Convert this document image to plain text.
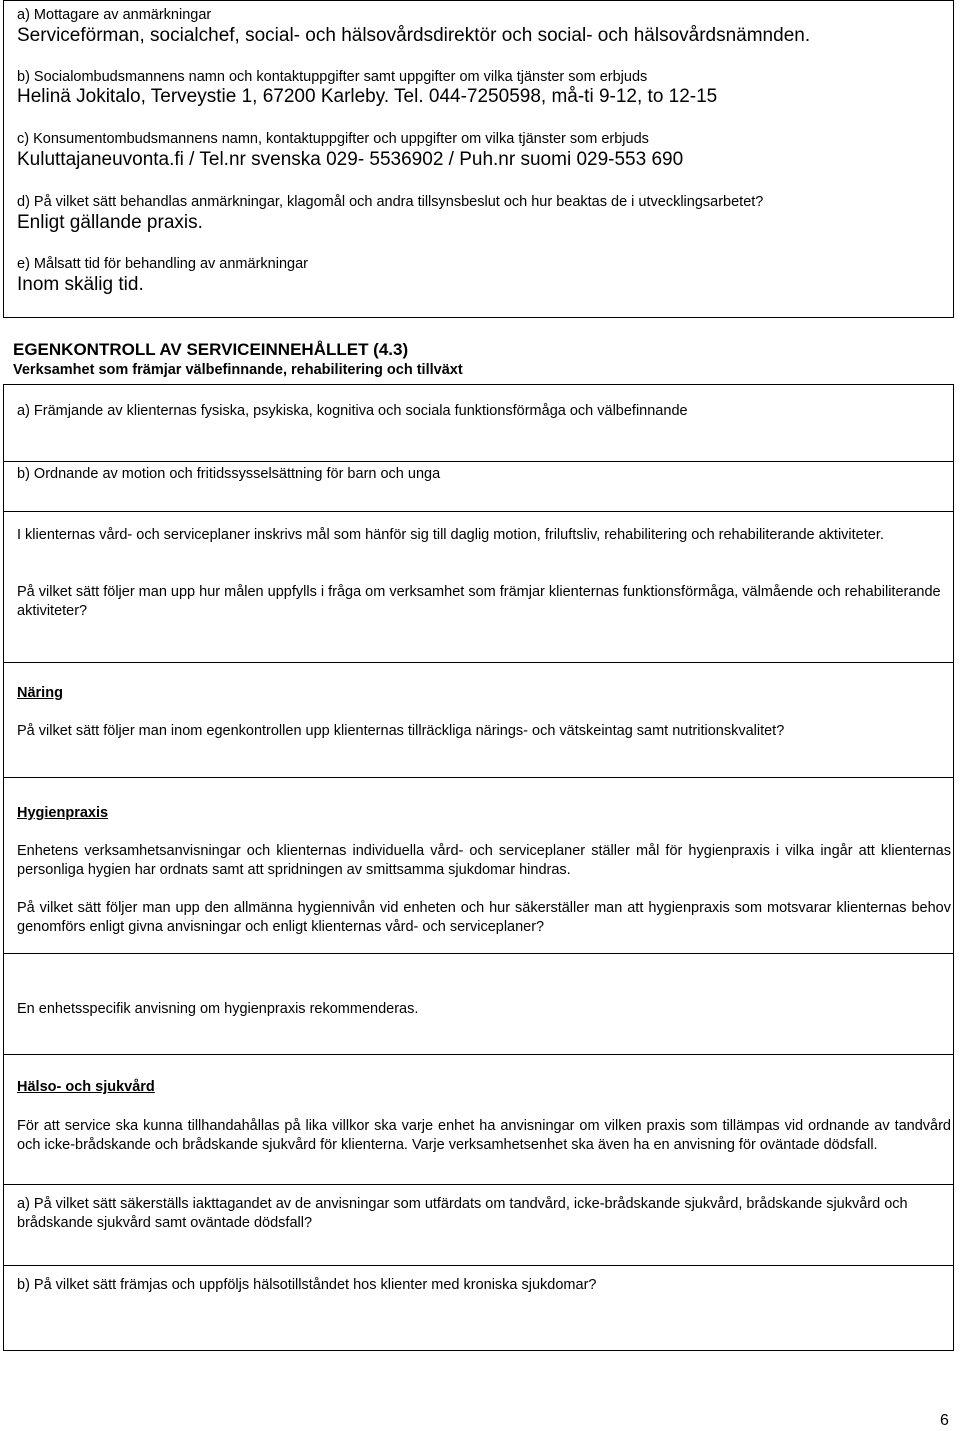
a) Mottagare av anmärkningar

Serviceförman, socialchef, social- och hälsovårdsdirektör och social- och hälsovårdsnämnden.

b) Socialombudsmannens namn och kontaktuppgifter samt uppgifter om vilka tjänster som erbjuds

Helinä Jokitalo, Terveystie 1, 67200 Karleby. Tel. 044-7250598, må-ti 9-12, to 12-15

c) Konsumentombudsmannens namn, kontaktuppgifter och uppgifter om vilka tjänster som erbjuds

Kuluttajaneuvonta.fi / Tel.nr svenska 029- 5536902 / Puh.nr suomi 029-553 690

d) På vilket sätt behandlas anmärkningar, klagomål och andra tillsynsbeslut och hur beaktas de i utvecklingsarbetet?

Enligt gällande praxis.

e) Målsatt tid för behandling av anmärkningar

Inom skälig tid.

EGENKONTROLL AV SERVICEINNEHÅLLET (4.3)

Verksamhet som främjar välbefinnande, rehabilitering och tillväxt

a) Främjande av klienternas fysiska, psykiska, kognitiva och sociala funktionsförmåga och välbefinnande

b) Ordnande av motion och fritidssysselsättning för barn och unga

I klienternas vård- och serviceplaner inskrivs mål som hänför sig till daglig motion, friluftsliv, rehabilitering och rehabiliterande aktiviteter.

På vilket sätt följer man upp hur målen uppfylls i fråga om verksamhet som främjar klienternas funktionsförmåga, välmående och rehabiliterande aktiviteter?

Näring

På vilket sätt följer man inom egenkontrollen upp klienternas tillräckliga närings- och vätskeintag samt nutritionskvalitet?

Hygienpraxis

Enhetens verksamhetsanvisningar och klienternas individuella vård- och serviceplaner ställer mål för hygienpraxis i vilka ingår att klienternas personliga hygien har ordnats samt att spridningen av smittsamma sjukdomar hindras.

På vilket sätt följer man upp den allmänna hygiennivån vid enheten och hur säkerställer man att hygienpraxis som motsvarar klienternas behov genomförs enligt givna anvisningar och enligt klienternas vård- och serviceplaner?

En enhetsspecifik anvisning om hygienpraxis rekommenderas.

Hälso- och sjukvård

För att service ska kunna tillhandahållas på lika villkor ska varje enhet ha anvisningar om vilken praxis som tillämpas vid ordnande av tandvård och icke-brådskande och brådskande sjukvård för klienterna. Varje verksamhetsenhet ska även ha en anvisning för oväntade dödsfall.

a) På vilket sätt säkerställs iakttagandet av de anvisningar som utfärdats om tandvård, icke-brådskande sjukvård, brådskande sjukvård och brådskande sjukvård samt oväntade dödsfall?

b) På vilket sätt främjas och uppföljs hälsotillståndet hos klienter med kroniska sjukdomar?

6
